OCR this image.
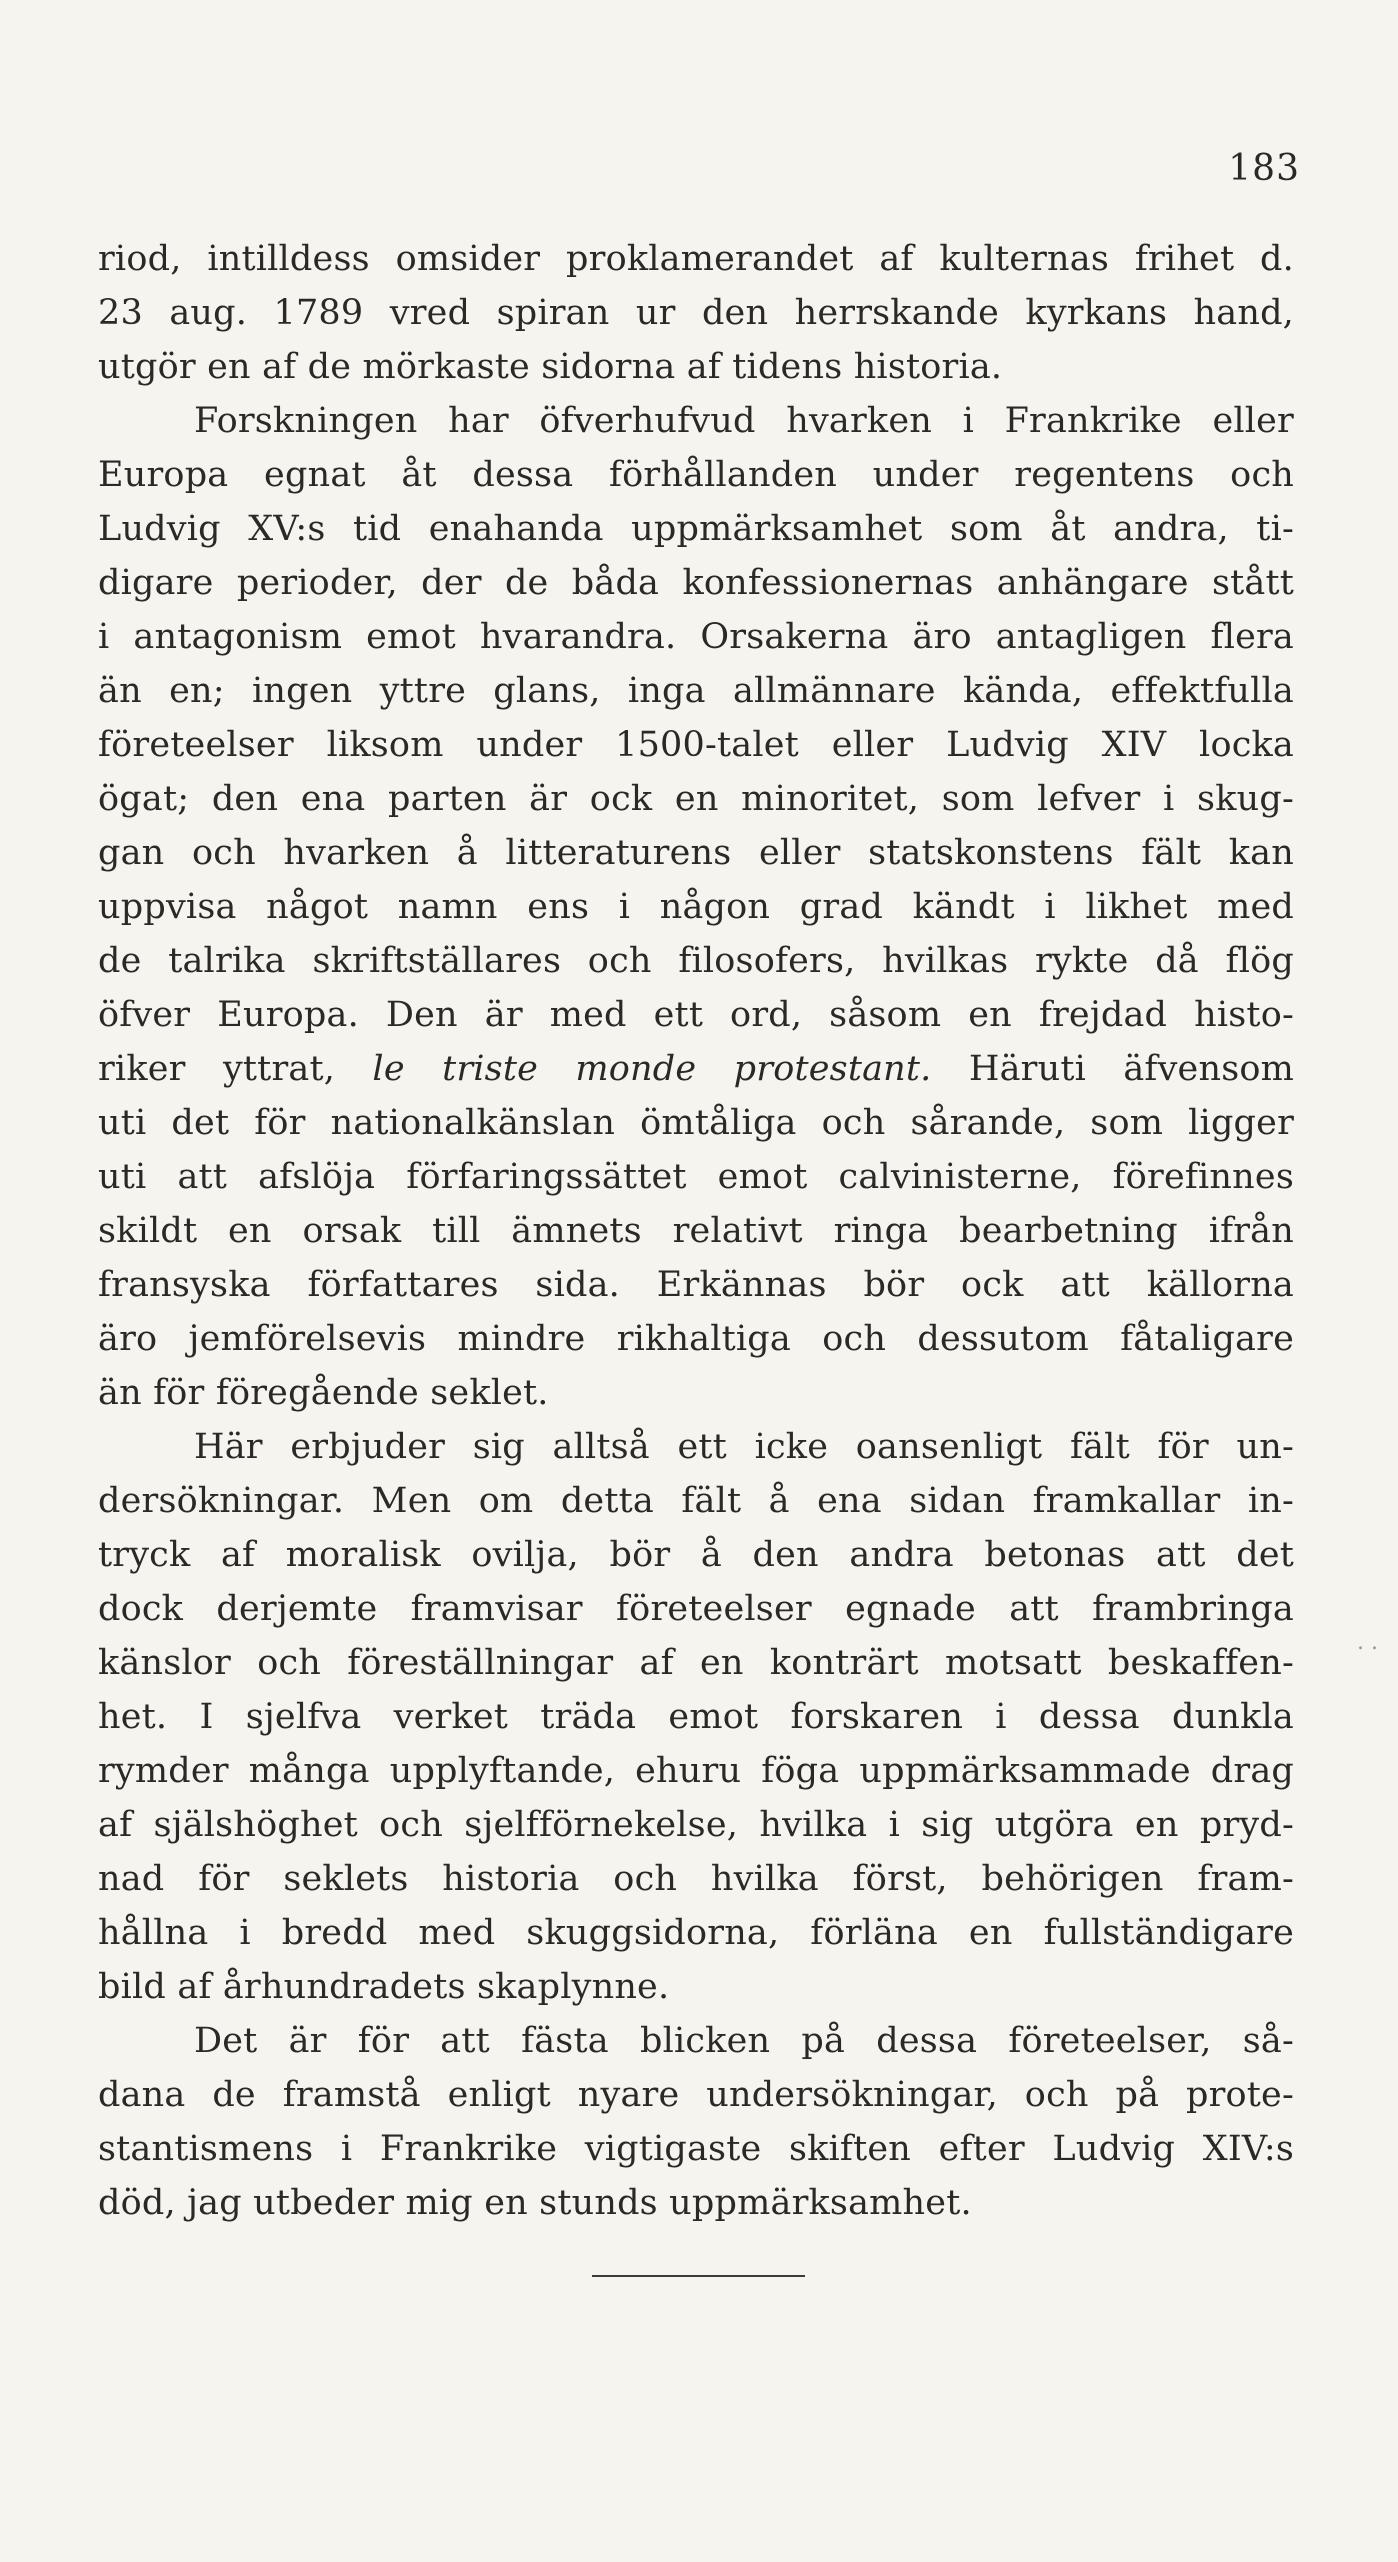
183
riod, intilldess omsider proklamerandet af kulternas frihet d.
23 aug. 1789 vred spiran ur den herrskande kyrkans hand,
utgör en af de mörkaste sidorna af tidens historia.
Forskningen har öfverhufvud hvarken i Frankrike eller
Europa egnat åt dessa förhållanden under regentens och
Ludvig XV:s tid enahanda uppmärksamhet som åt andra, ti-
digare perioder, der de båda konfessionernas anhängare stått
i antagonism emot hvarandra. Orsakerna äro antagligen flera
än en; ingen yttre glans, inga allmännare kända, effektfulla
företeelser liksom under 1500-talet eller Ludvig XIV locka
ögat; den ena parten är ock en minoritet, som lefver i skug-
gan och hvarken å litteraturens eller statskonstens fält kan
uppvisa något namn ens i någon grad kändt i likhet med
de talrika skriftställares och filosofers, hvilkas rykte då flög
öfver Europa. Den är med ett ord, såsom en frejdad histo-
riker yttrat, le triste monde protestant. Häruti äfvensom
uti det för nationalkänslan ömtåliga och sårande, som ligger
uti att afslöja förfaringssättet emot calvinisterne, förefinnes
skildt en orsak till ämnets relativt ringa bearbetning ifrån
fransyska författares sida. Erkännas bör ock att källorna
äro jemförelsevis mindre rikhaltiga och dessutom fåtaligare
än för föregående seklet.
Här erbjuder sig alltså ett icke oansenligt fält för un-
dersökningar. Men om detta fält å ena sidan framkallar in-
tryck af moralisk ovilja, bör å den andra betonas att det
dock derjemte framvisar företeelser egnade att frambringa
känslor och föreställningar af en konträrt motsatt beskaffen-
het. I sjelfva verket träda emot forskaren i dessa dunkla
rymder många upplyftande, ehuru föga uppmärksammade drag
af själshöghet och sjelfförnekelse, hvilka i sig utgöra en pryd-
nad för seklets historia och hvilka först, behörigen fram-
hållna i bredd med skuggsidorna, förläna en fullständigare
bild af århundradets skaplynne.
Det är för att fästa blicken på dessa företeelser, så-
dana de framstå enligt nyare undersökningar, och på prote-
stantismens i Frankrike vigtigaste skiften efter Ludvig XIV:s
död, jag utbeder mig en stunds uppmärksamhet.
. .
